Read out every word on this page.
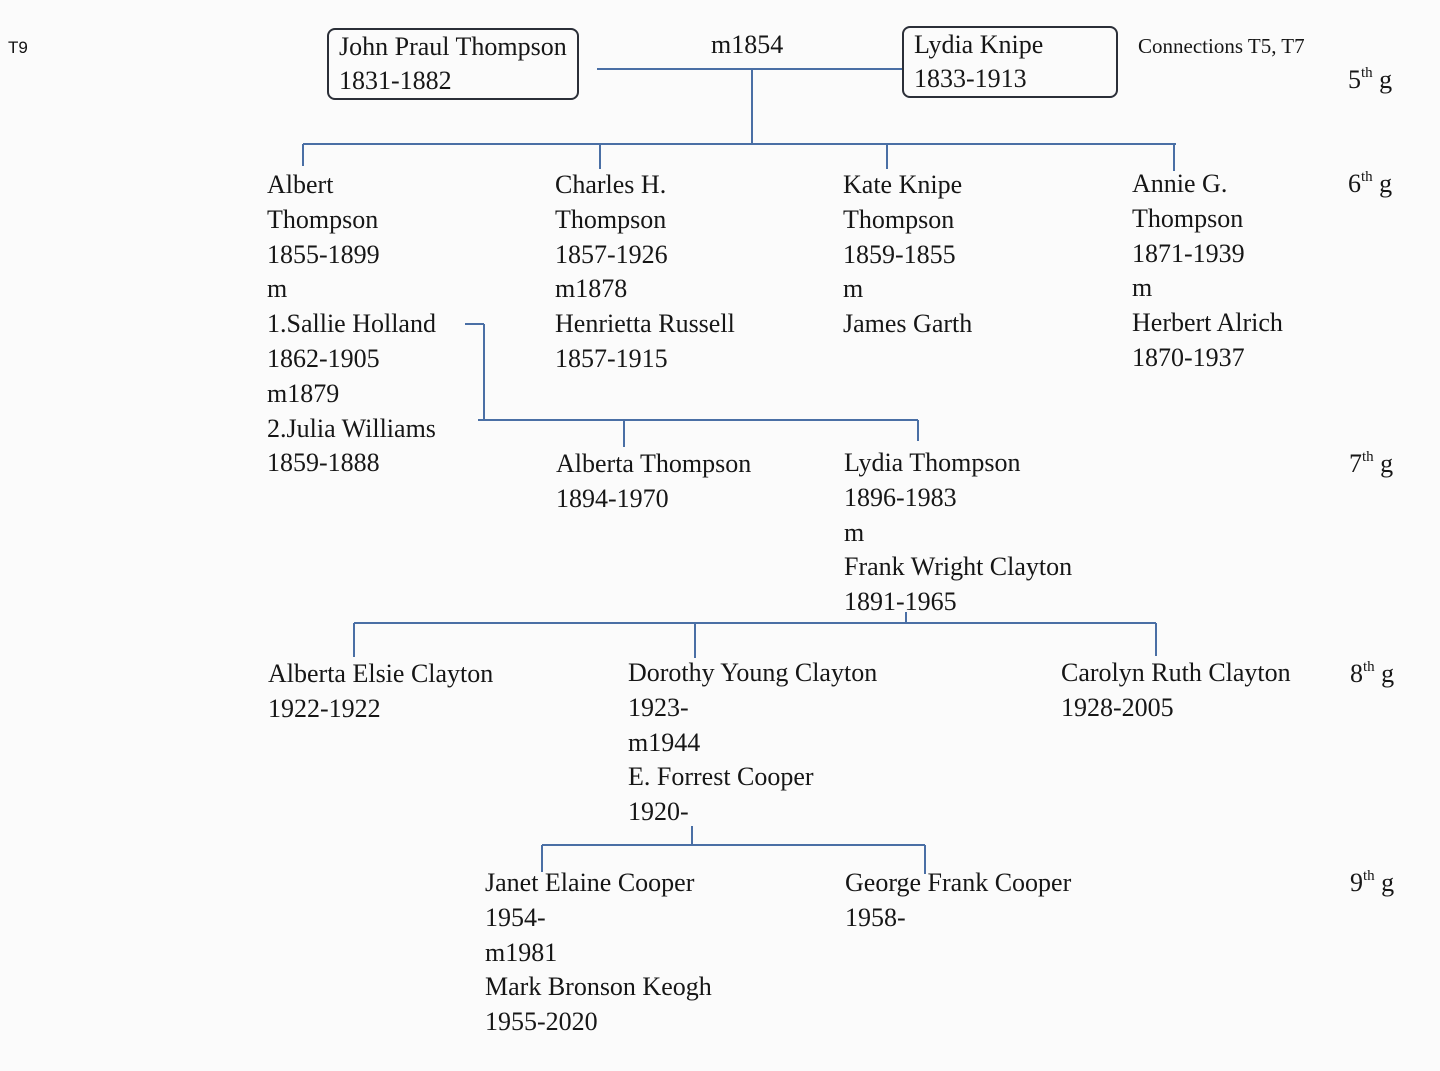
T9	John Praul Thompson
1831-1882
m1854	Lydia Knipe
1833-1913
Connections T5, T7
5th g
6th g
7th g
8th g
9th g
Albert
Thompson
1855-1899
m
1.Sallie Holland
1862-1905
m1879
2.Julia Williams
1859-1888
Charles H.
Thompson
1857-1926
m1878
Henrietta Russell
1857-1915
Kate Knipe
Thompson
1859-1855
m
James Garth
Annie G.
Thompson
1871-1939
m
Herbert Alrich
1870-1937
Alberta Thompson
1894-1970
Lydia Thompson
1896-1983
m
Frank Wright Clayton
1891-1965
Alberta Elsie Clayton
1922-1922
Dorothy Young Clayton
1923-
m1944
E. Forrest Cooper
1920-
Carolyn Ruth Clayton
1928-2005
Janet Elaine Cooper
1954-
m1981
Mark Bronson Keogh
1955-2020
George Frank Cooper
1958-
